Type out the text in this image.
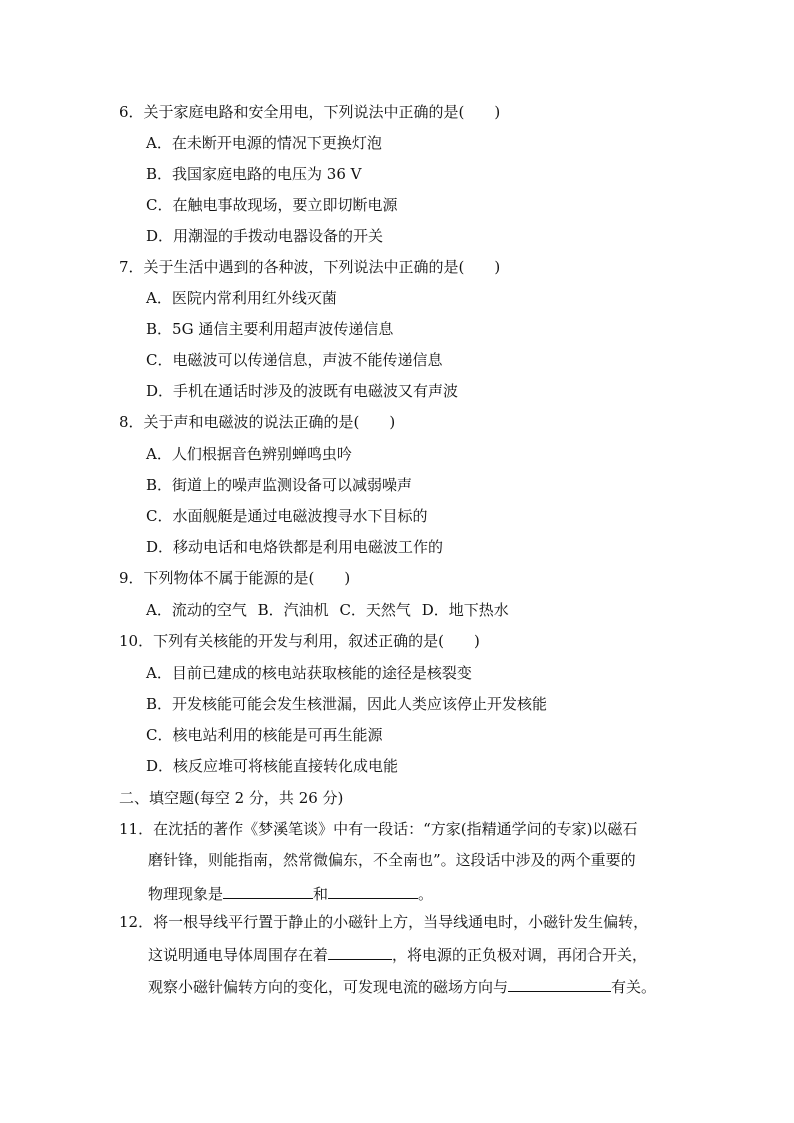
6．关于家庭电路和安全用电，下列说法中正确的是(　　)
A．在未断开电源的情况下更换灯泡
B．我国家庭电路的电压为 36 V
C．在触电事故现场，要立即切断电源
D．用潮湿的手拨动电器设备的开关
7．关于生活中遇到的各种波，下列说法中正确的是(　　)
A．医院内常利用红外线灭菌
B．5G 通信主要利用超声波传递信息
C．电磁波可以传递信息，声波不能传递信息
D．手机在通话时涉及的波既有电磁波又有声波
8．关于声和电磁波的说法正确的是(　　)
A．人们根据音色辨别蝉鸣虫吟
B．街道上的噪声监测设备可以减弱噪声
C．水面舰艇是通过电磁波搜寻水下目标的
D．移动电话和电烙铁都是利用电磁波工作的
9．下列物体不属于能源的是(　　)
A．流动的空气 B．汽油机 C．天然气 D．地下热水
10．下列有关核能的开发与利用，叙述正确的是(　　)
A．目前已建成的核电站获取核能的途径是核裂变
B．开发核能可能会发生核泄漏，因此人类应该停止开发核能
C．核电站利用的核能是可再生能源
D．核反应堆可将核能直接转化成电能
二、填空题(每空 2 分，共 26 分)
11．在沈括的著作《梦溪笔谈》中有一段话：“方家(指精通学问的专家)以磁石
磨针锋，则能指南，然常微偏东，不全南也”。这段话中涉及的两个重要的
物理现象是	和	。
12．将一根导线平行置于静止的小磁针上方，当导线通电时，小磁针发生偏转，
这说明通电导体周围存在着	，将电源的正负极对调，再闭合开关，
观察小磁针偏转方向的变化，可发现电流的磁场方向与	有关。
